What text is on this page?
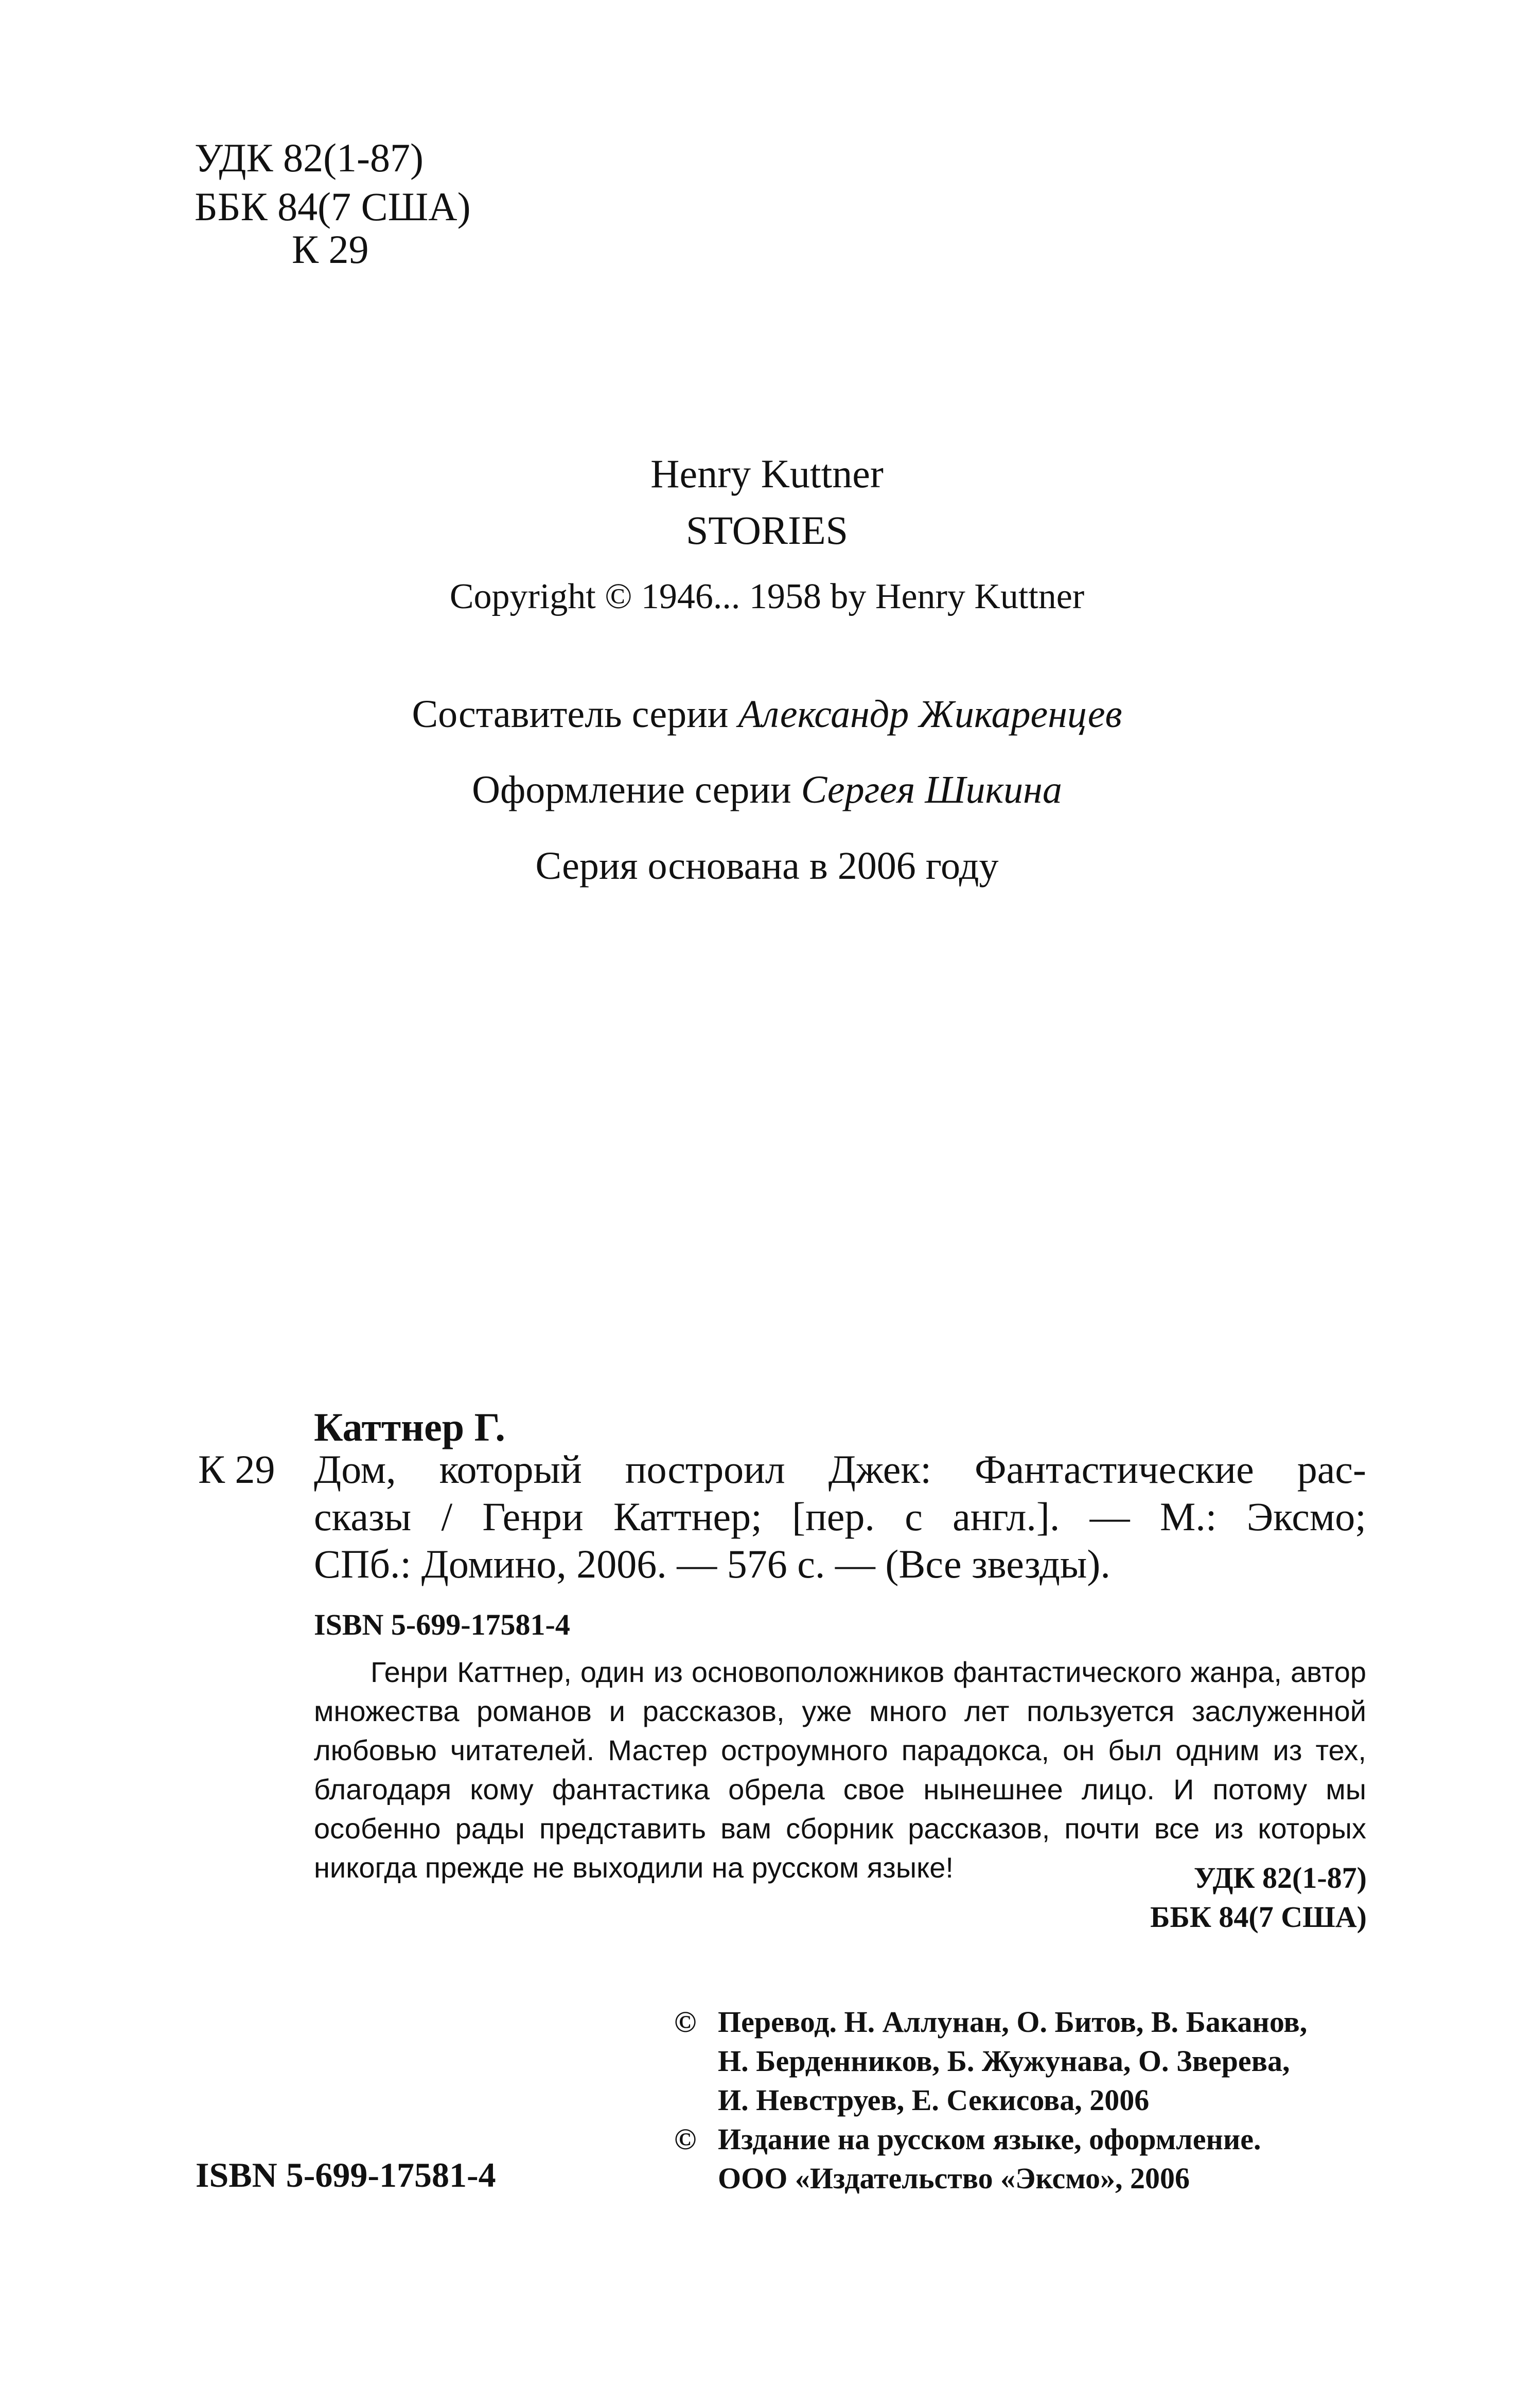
УДК 82(1-87)
ББК 84(7 США)
К 29
Henry Kuttner
STORIES
Copyright © 1946... 1958 by Henry Kuttner
Составитель серии Александр Жикаренцев
Оформление серии Сергея Шикина
Серия основана в 2006 году
К 29
Каттнер Г.
Дом, который построил Джек: Фантастические рас-
сказы / Генри Каттнер; [пер. с англ.]. — М.: Эксмо;
СПб.: Домино, 2006. — 576 с. — (Все звезды).
ISBN 5-699-17581-4

Генри Каттнер, один из основоположников фантастического жанра, автор множества романов и рассказов, уже много лет пользуется заслуженной любовью читателей. Мастер остроумного парадокса, он был одним из тех, благодаря кому фантастика обрела свое нынешнее лицо. И потому мы особенно рады представить вам сборник рассказов, почти все из которых никогда прежде не выходили на русском языке!	УДК 82(1-87)
ББК 84(7 США)
© Перевод. Н. Аллунан, О. Битов, В. Баканов,
Н. Берденников, Б. Жужунава, О. Зверева,
И. Невструев, Е. Секисова, 2006
© Издание на русском языке, оформление.
ООО «Издательство «Эксмо», 2006
ISBN 5-699-17581-4
